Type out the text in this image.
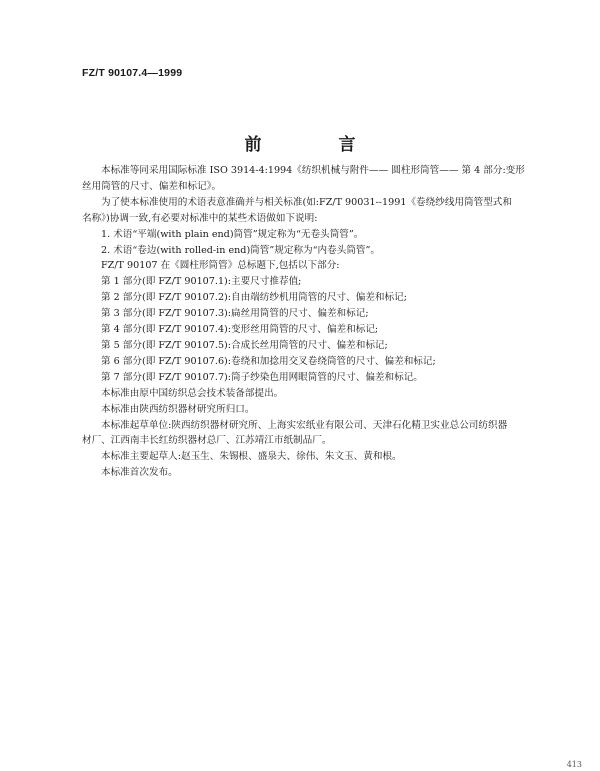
FZ/T 90107.4—1999
前　言

本标准等同采用国际标准 ISO 3914-4:1994《纺织机械与附件—— 圆柱形筒管—— 第 4 部分:变形

丝用筒管的尺寸、偏差和标记》。

为了使本标准使用的术语表意准确并与相关标准(如:FZ/T 90031--1991《卷绕纱线用筒管型式和

名称》)协调一致,有必要对标准中的某些术语做如下说明:

1. 术语“平端(with plain end)筒管”规定称为“无卷头筒管”。

2. 术语“卷边(with rolled-in end)筒管”规定称为“内卷头筒管”。

FZ/T 90107 在《圆柱形筒管》总标题下,包括以下部分:

第 1 部分(即 FZ/T 90107.1):主要尺寸推荐值;

第 2 部分(即 FZ/T 90107.2):自由端纺纱机用筒管的尺寸、偏差和标记;

第 3 部分(即 FZ/T 90107.3):扁丝用筒管的尺寸、偏差和标记;

第 4 部分(即 FZ/T 90107.4):变形丝用筒管的尺寸、偏差和标记;

第 5 部分(即 FZ/T 90107.5):合成长丝用筒管的尺寸、偏差和标记;

第 6 部分(即 FZ/T 90107.6):卷绕和加捻用交叉卷绕筒管的尺寸、偏差和标记;

第 7 部分(即 FZ/T 90107.7):筒子纱染色用网眼筒管的尺寸、偏差和标记。

本标准由原中国纺织总会技术装备部提出。

本标准由陕西纺织器材研究所归口。

本标准起草单位:陕西纺织器材研究所、上海实宏纸业有限公司、天津石化精卫实业总公司纺织器

材厂、江西南丰长红纺织器材总厂、江苏靖江市纸制品厂。

本标准主要起草人:赵玉生、朱锡根、盛泉夫、徐伟、朱文玉、黄和根。

本标准首次发布。

413
